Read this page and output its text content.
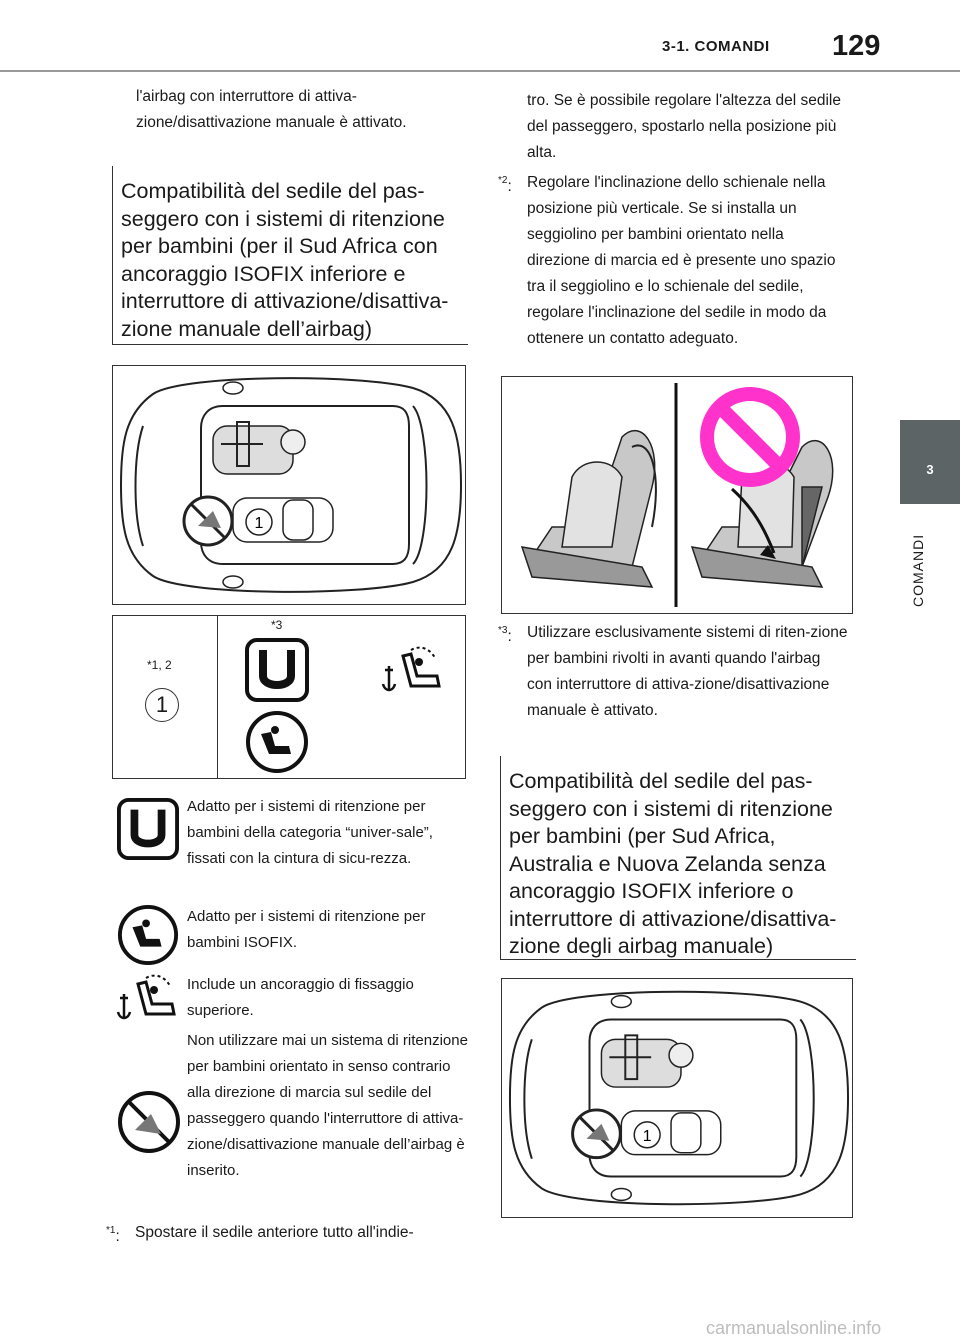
3-1. COMANDI 129
3
COMANDI
l'airbag con interruttore di attiva-zione/disattivazione manuale è attivato.
Compatibilità del sedile del pas-seggero con i sistemi di ritenzione per bambini (per il Sud Africa con ancoraggio ISOFIX inferiore e interruttore di attivazione/disattiva-zione manuale dell’airbag)
1
*1, 2
1
*3
Adatto per i sistemi di ritenzione per bambini della categoria “univer-sale”, fissati con la cintura di sicu-rezza.
Adatto per i sistemi di ritenzione per bambini ISOFIX.
Include un ancoraggio di fissaggio superiore.
Non utilizzare mai un sistema di ritenzione per bambini orientato in senso contrario alla direzione di marcia sul sedile del passeggero quando l'interruttore di attiva-zione/disattivazione manuale dell’airbag è inserito.
$^{*1}$: Spostare il sedile anteriore tutto all'indie-
tro. Se è possibile regolare l'altezza del sedile del passeggero, spostarlo nella posizione più alta.
$^{*2}$: Regolare l'inclinazione dello schienale nella posizione più verticale. Se si installa un seggiolino per bambini orientato nella direzione di marcia ed è presente uno spazio tra il seggiolino e lo schienale del sedile, regolare l'inclinazione del sedile in modo da ottenere un contatto adeguato.
$^{*3}$: Utilizzare esclusivamente sistemi di riten-zione per bambini rivolti in avanti quando l'airbag con interruttore di attiva-zione/disattivazione manuale è attivato.
Compatibilità del sedile del pas-seggero con i sistemi di ritenzione per bambini (per Sud Africa, Australia e Nuova Zelanda senza ancoraggio ISOFIX inferiore o interruttore di attivazione/disattiva-zione degli airbag manuale)
1
carmanualsonline.info
